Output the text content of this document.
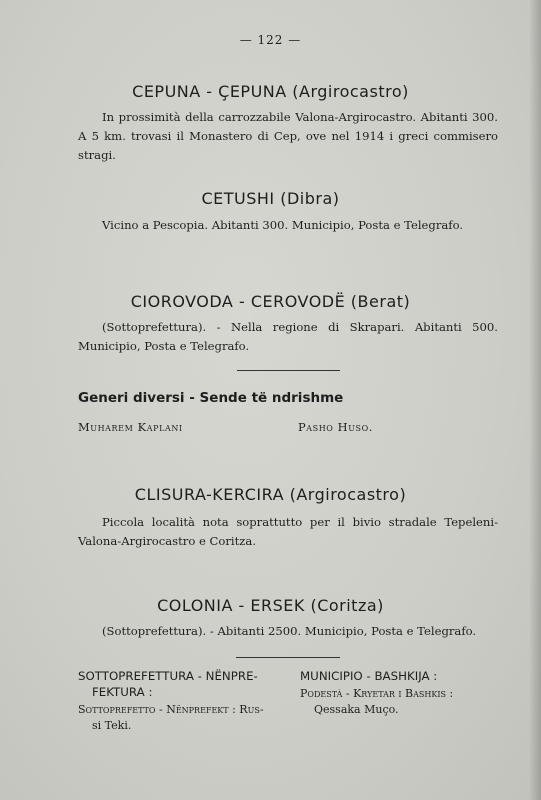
— 122 —
CEPUNA - ÇEPUNA (Argirocastro)
In prossimità della carrozzabile Valona-Argirocastro. Abitanti 300. A 5 km. trovasi il Monastero di Cep, ove nel 1914 i greci commisero stragi.
CETUSHI (Dibra)
Vicino a Pescopia. Abitanti 300. Municipio, Posta e Telegrafo.
CIOROVODA - CEROVODË (Berat)
(Sottoprefettura). - Nella regione di Skrapari. Abitanti 500. Municipio, Posta e Telegrafo.
Generi diversi - Sende të ndrishme
Muharem Kaplani	Pasho Huso.
CLISURA-KERCIRA (Argirocastro)
Piccola località nota soprattutto per il bivio stradale Tepeleni-Valona-Argirocastro e Coritza.
COLONIA - ERSEK (Coritza)
(Sottoprefettura). - Abitanti 2500. Municipio, Posta e Telegrafo.
SOTTOPREFETTURA - NËNPRE-
FEKTURA :
Sottoprefetto - Nënprefekt : Rus-
si Teki.
MUNICIPIO - BASHKIJA :
Podestà - Kryetar i Bashkis :
Qessaka Muço.
